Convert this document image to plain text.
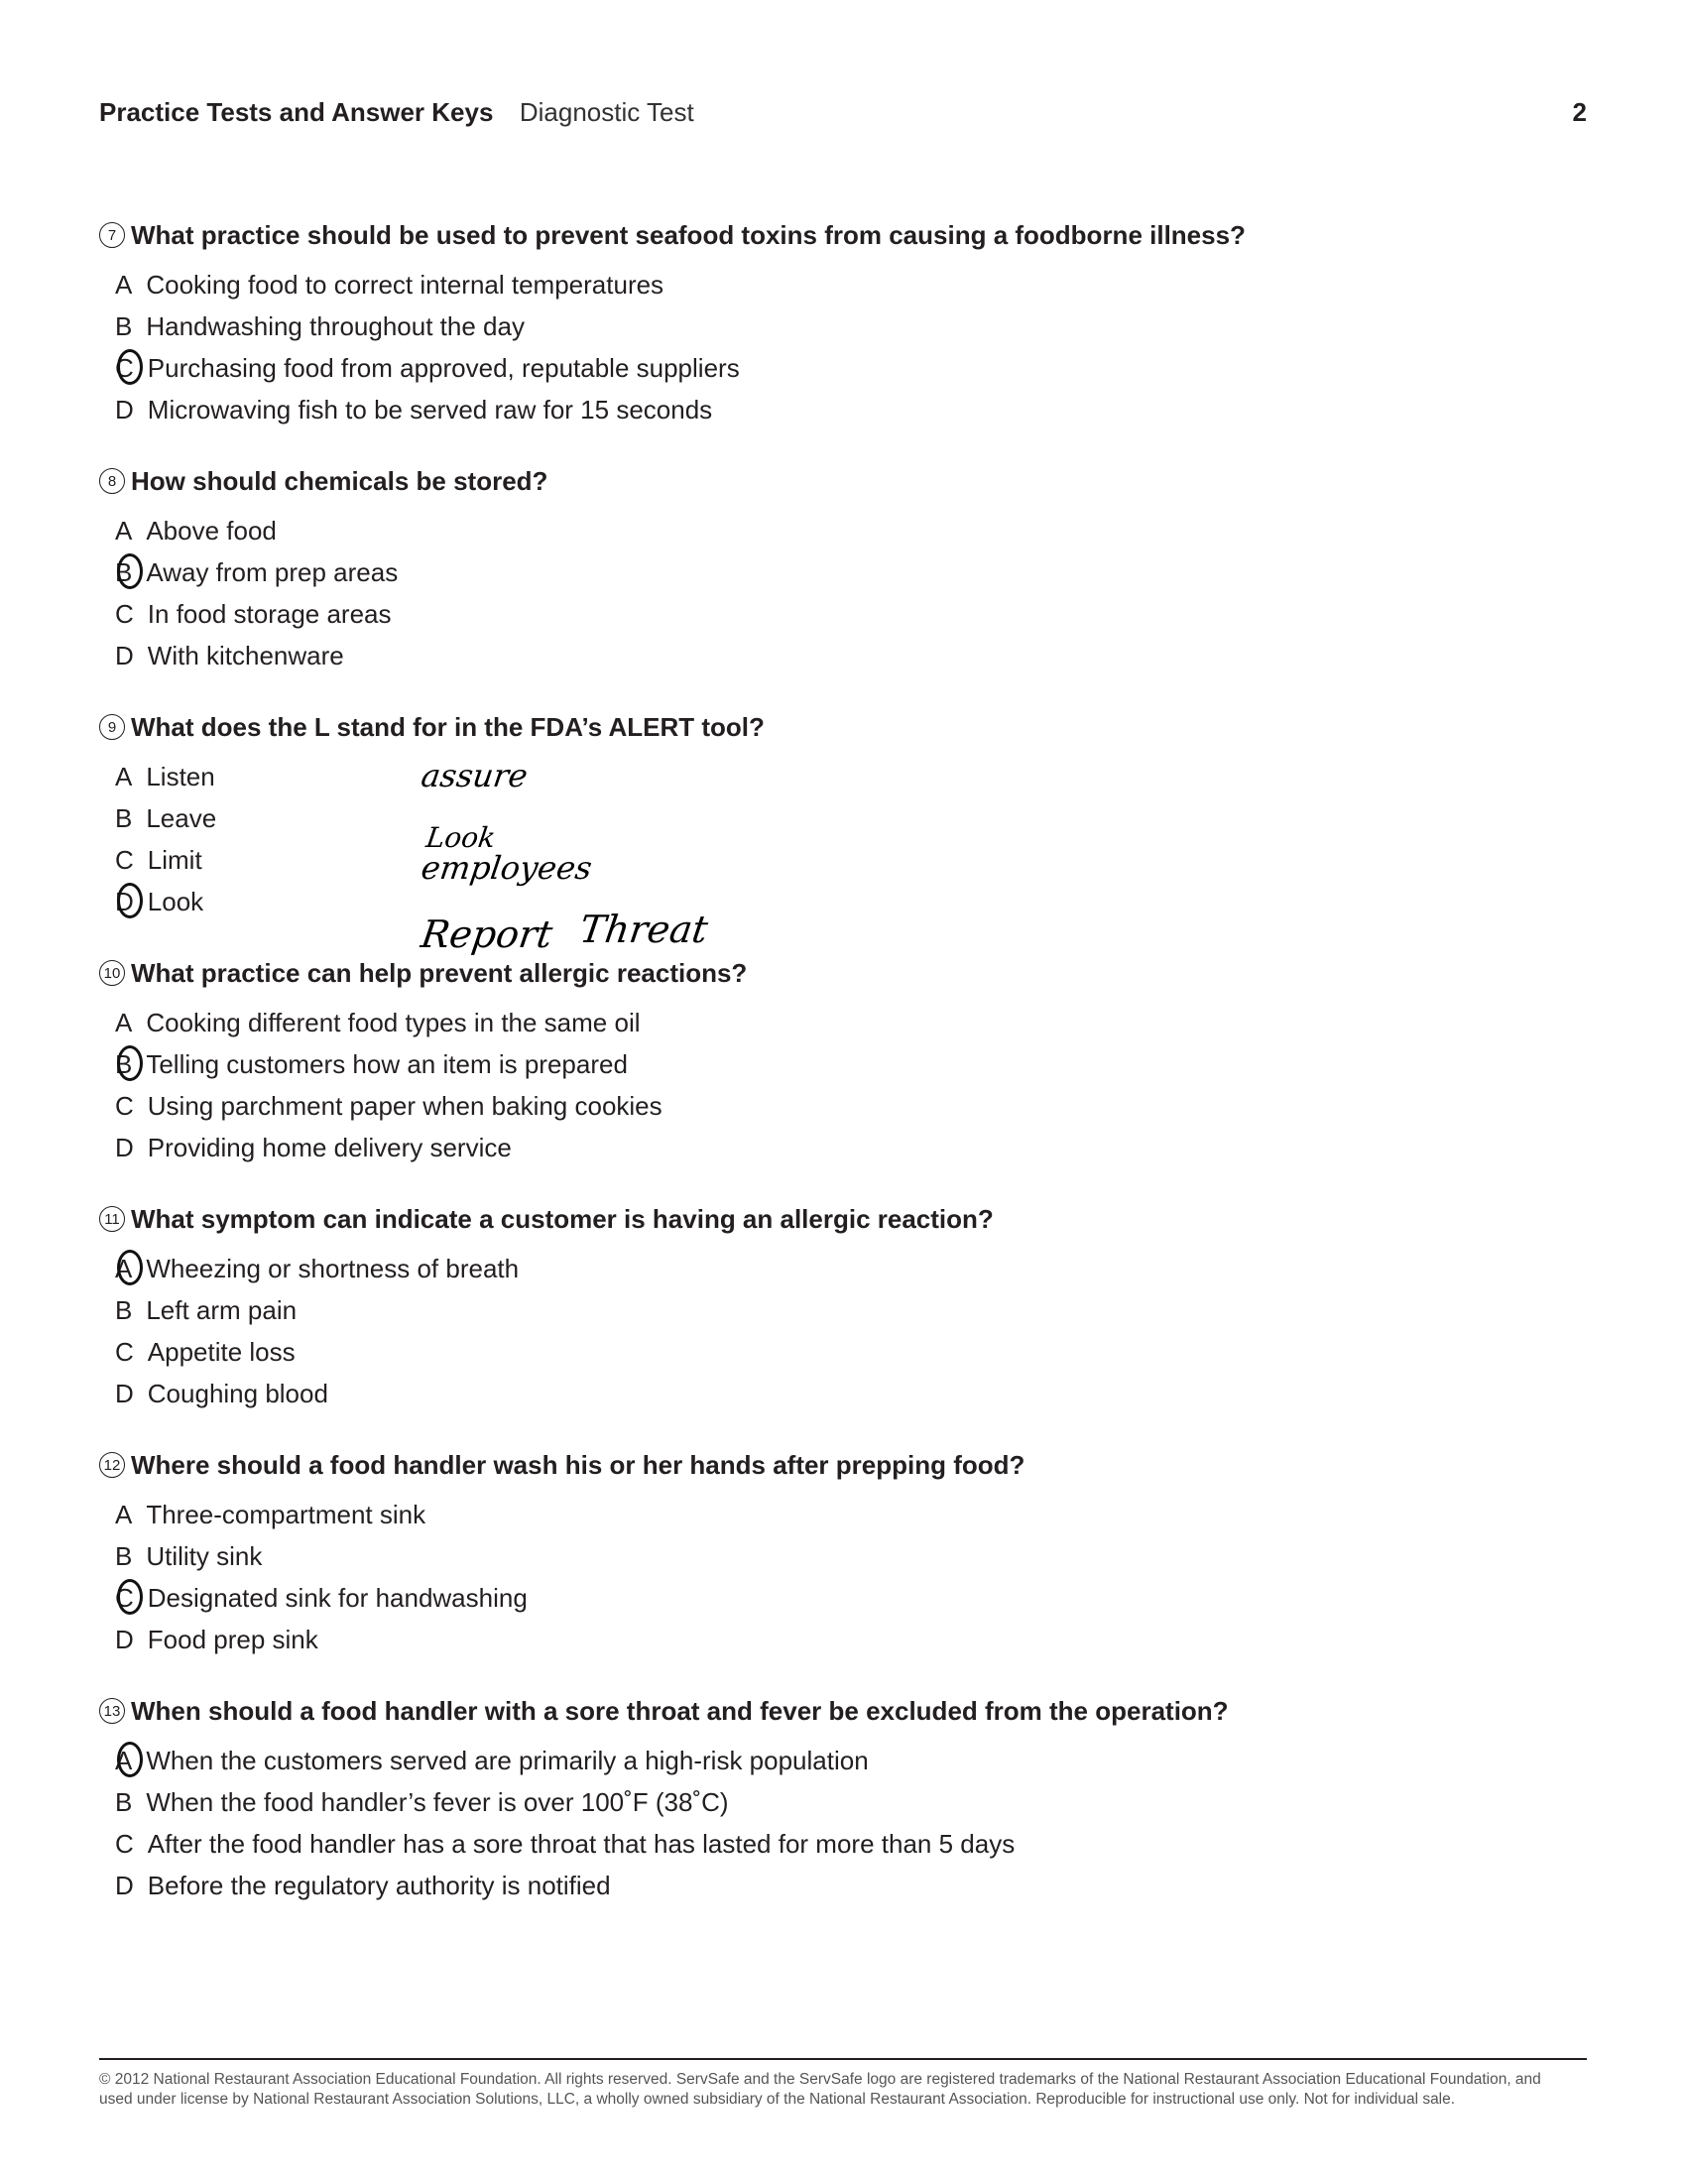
Practice Tests and Answer Keys Diagnostic Test	2
7 What practice should be used to prevent seafood toxins from causing a foodborne illness?
A Cooking food to correct internal temperatures
B Handwashing throughout the day
C Purchasing food from approved, reputable suppliers
D Microwaving fish to be served raw for 15 seconds
8 How should chemicals be stored?
A Above food
B Away from prep areas
C In food storage areas
D With kitchenware
9 What does the L stand for in the FDA’s ALERT tool?
A Listen
B Leave
C Limit
D Look
10 What practice can help prevent allergic reactions?
A Cooking different food types in the same oil
B Telling customers how an item is prepared
C Using parchment paper when baking cookies
D Providing home delivery service
11 What symptom can indicate a customer is having an allergic reaction?
A Wheezing or shortness of breath
B Left arm pain
C Appetite loss
D Coughing blood
12 Where should a food handler wash his or her hands after prepping food?
A Three-compartment sink
B Utility sink
C Designated sink for handwashing
D Food prep sink
13 When should a food handler with a sore throat and fever be excluded from the operation?
A When the customers served are primarily a high-risk population
B When the food handler’s fever is over 100˚F (38˚C)
C After the food handler has a sore throat that has lasted for more than 5 days
D Before the regulatory authority is notified
assure
Look
employees
Report Threat
© 2012 National Restaurant Association Educational Foundation. All rights reserved. ServSafe and the ServSafe logo are registered trademarks of the National Restaurant Association Educational Foundation, and
used under license by National Restaurant Association Solutions, LLC, a wholly owned subsidiary of the National Restaurant Association. Reproducible for instructional use only. Not for individual sale.
